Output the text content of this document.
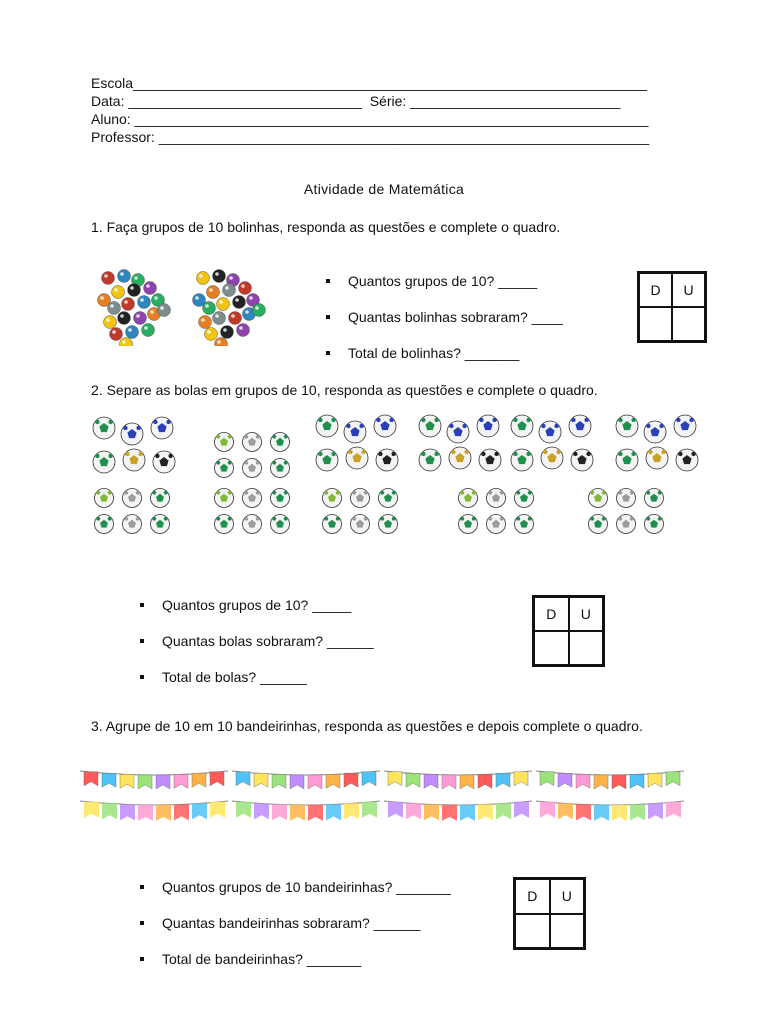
Escola__________________________________________________________________
Data: ______________________________  Série: ___________________________
Aluno: __________________________________________________________________
Professor: _______________________________________________________________
Atividade de Matemática
1. Faça grupos de 10 bolinhas, responda as questões e complete o quadro.
Quantos grupos de 10? _____
Quantas bolinhas sobraram? ____
Total de bolinhas? _______
D	U
2. Separe as bolas em grupos de 10, responda as questões e complete o quadro.
Quantos grupos de 10? _____
Quantas bolas sobraram? ______
Total de bolas? ______
D	U
3. Agrupe de 10 em 10 bandeirinhas, responda as questões e depois complete o quadro.
Quantos grupos de 10 bandeirinhas? _______
Quantas bandeirinhas sobraram? ______
Total de bandeirinhas? _______
D	U
